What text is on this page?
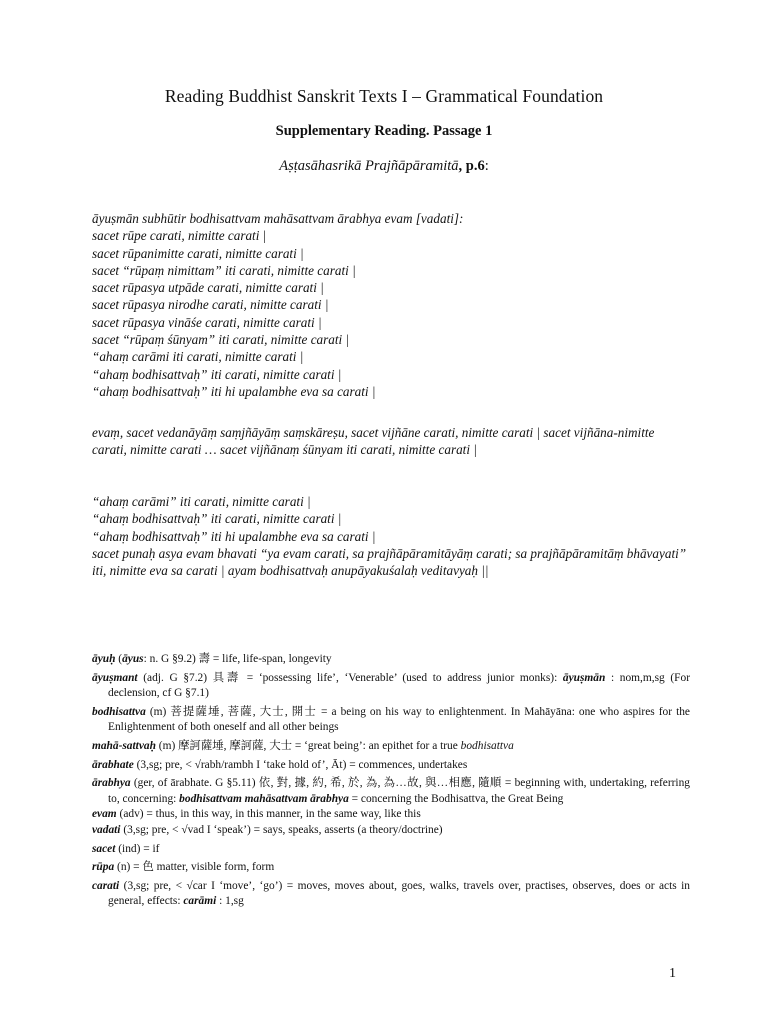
Reading Buddhist Sanskrit Texts I – Grammatical Foundation
Supplementary Reading. Passage 1
Aṣṭasāhasrikā Prajñāpāramitā, p.6:
āyuṣmān subhūtir bodhisattvam mahāsattvam ārabhya evam [vadati]:
sacet rūpe carati, nimitte carati |
sacet rūpanimitte carati, nimitte carati |
sacet “rūpaṃ nimittam” iti carati, nimitte carati |
sacet rūpasya utpāde carati, nimitte carati |
sacet rūpasya nirodhe carati, nimitte carati |
sacet rūpasya vināśe carati, nimitte carati |
sacet “rūpaṃ śūnyam” iti carati, nimitte carati |
“ahaṃ carāmi iti carati, nimitte carati |
“ahaṃ bodhisattvaḥ” iti carati, nimitte carati |
“ahaṃ bodhisattvaḥ” iti hi upalambhe eva sa carati |
evaṃ, sacet vedanāyāṃ saṃjñāyāṃ saṃskāreṣu, sacet vijñāne carati, nimitte carati | sacet vijñāna-nimitte carati, nimitte carati … sacet vijñānaṃ śūnyam iti carati, nimitte carati |
“ahaṃ carāmi” iti carati, nimitte carati |
“ahaṃ bodhisattvaḥ” iti carati, nimitte carati |
“ahaṃ bodhisattvaḥ” iti hi upalambhe eva sa carati |
sacet punaḥ asya evam bhavati “ya evam carati, sa prajñāpāramitāyāṃ carati; sa prajñāpāramitāṃ bhāvayati” iti, nimitte eva sa carati | ayam bodhisattvaḥ anupāyakuśalaḥ veditavyaḥ ||
āyuḥ (āyus: n. G §9.2) 壽 = life, life-span, longevity
āyuṣmant (adj. G §7.2) 具壽 = ‘possessing life’, ‘Venerable’ (used to address junior monks): āyuṣmān : nom,m,sg (For declension, cf G §7.1)
bodhisattva (m) 菩提薩埵, 菩薩, 大士, 開士 = a being on his way to enlightenment. In Mahāyāna: one who aspires for the Enlightenment of both oneself and all other beings
mahā-sattvaḥ (m) 摩訶薩埵, 摩訶薩, 大士 = ‘great being’: an epithet for a true bodhisattva
ārabhate (3,sg; pre, < √rabh/rambh I ‘take hold of’, Āt) = commences, undertakes
ārabhya (ger, of ārabhate. G §5.11) 依, 對, 據, 約, 希, 於, 為, 為…故, 與…相應, 隨順 = beginning with, undertaking, referring to, concerning: bodhisattvam mahāsattvam ārabhya = concerning the Bodhisattva, the Great Being
evam (adv) = thus, in this way, in this manner, in the same way, like this
vadati (3,sg; pre, < √vad I ‘speak’) = says, speaks, asserts (a theory/doctrine)
sacet (ind) = if
rūpa (n) = 色 matter, visible form, form
carati (3,sg; pre, < √car I ‘move’, ‘go’) = moves, moves about, goes, walks, travels over, practises, observes, does or acts in general, effects: carāmi : 1,sg
1
